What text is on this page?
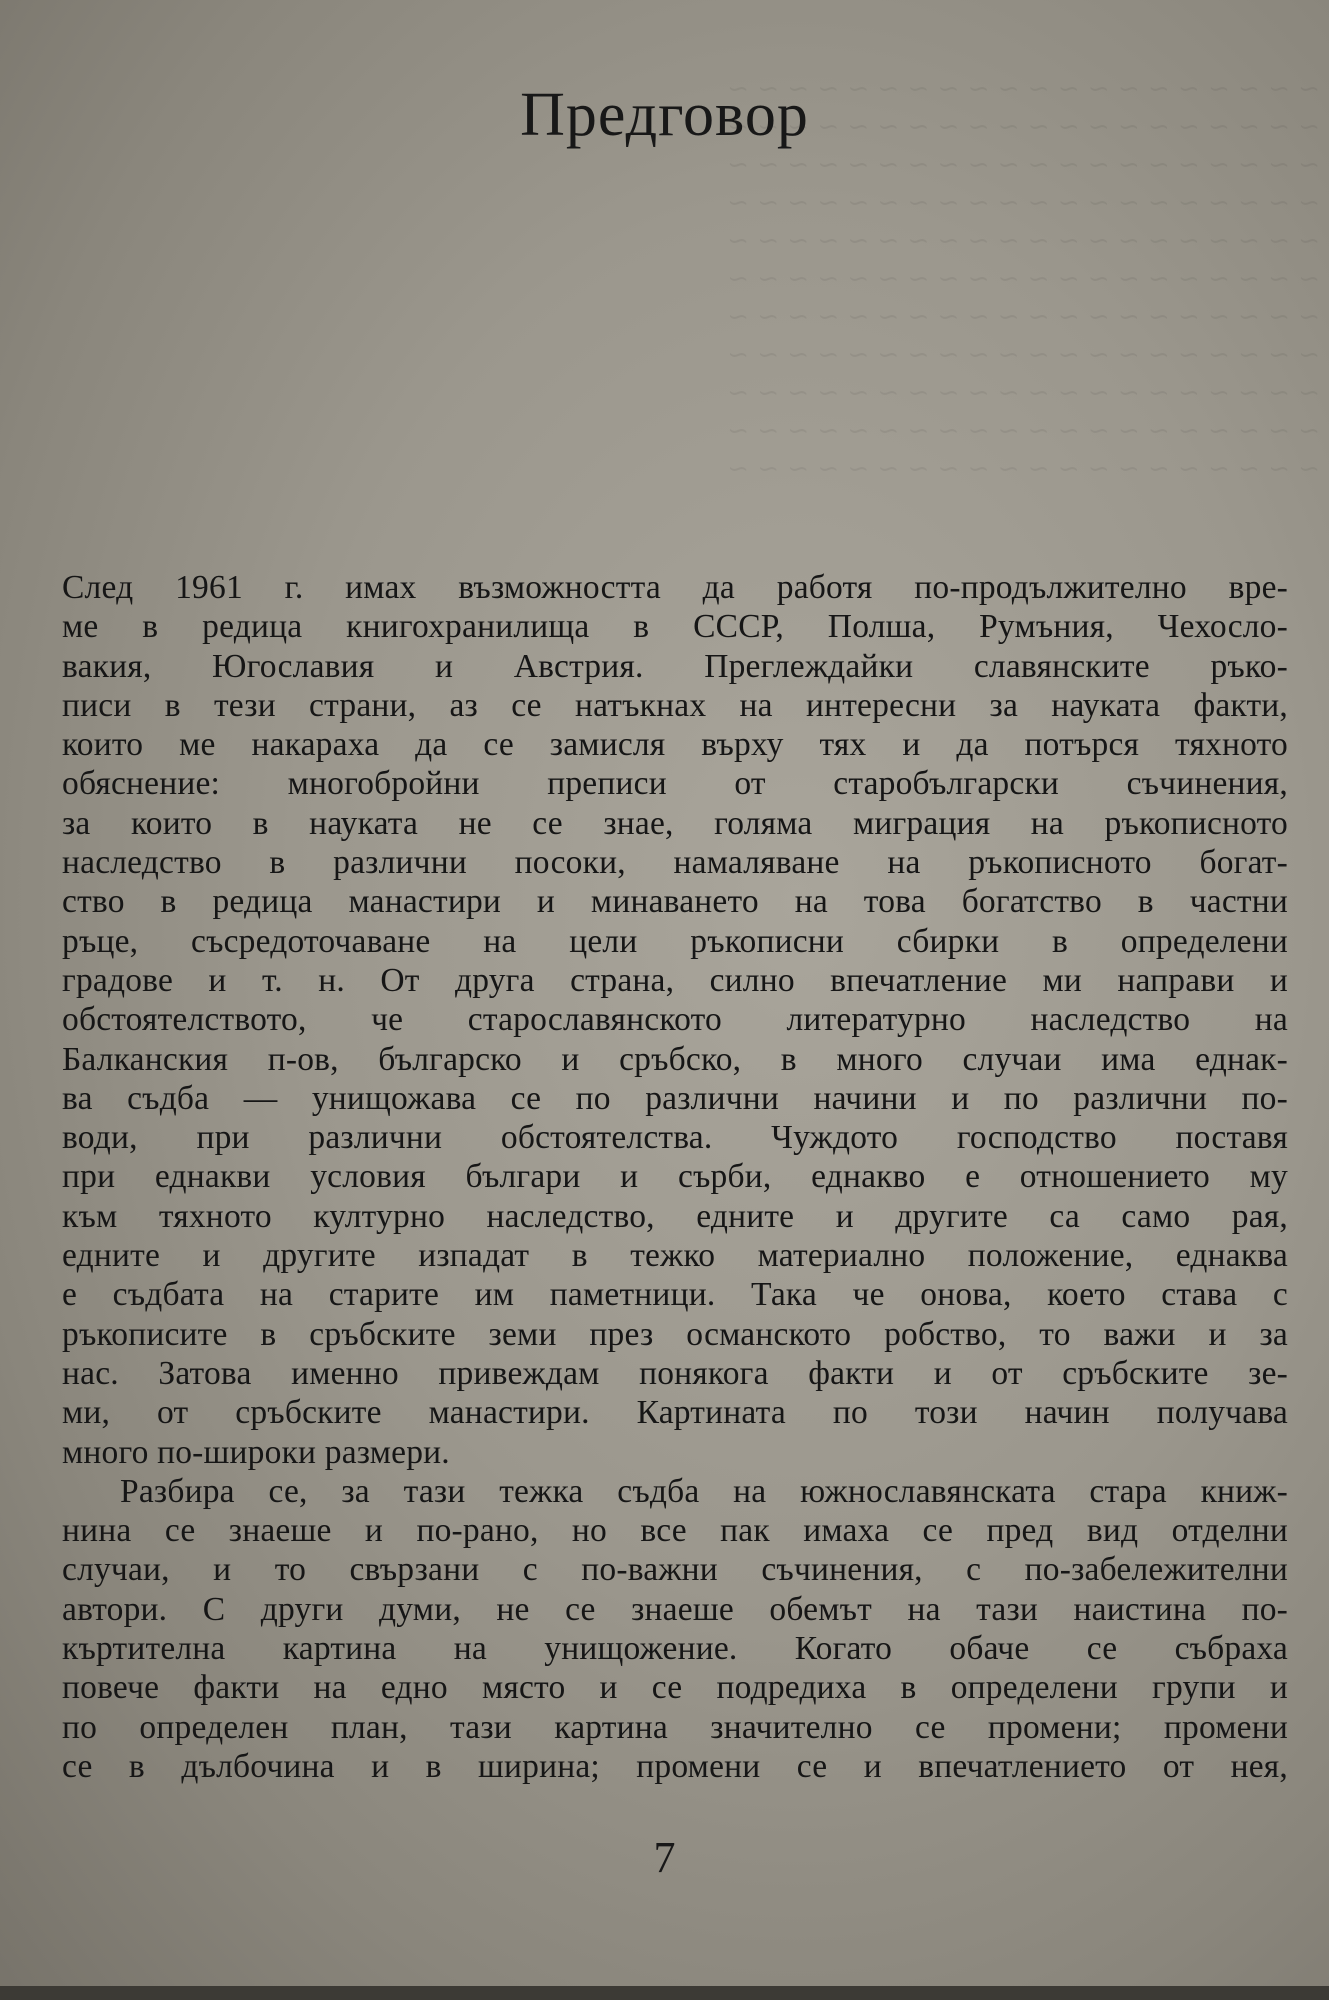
~ ~ ~ ~ ~ ~ ~ ~ ~ ~ ~ ~ ~ ~ ~ ~ ~ ~ ~ ~
~ ~ ~ ~ ~ ~ ~ ~ ~ ~ ~ ~ ~ ~ ~ ~ ~ ~ ~ ~
~ ~ ~ ~ ~ ~ ~ ~ ~ ~ ~ ~ ~ ~ ~ ~ ~ ~ ~ ~
~ ~ ~ ~ ~ ~ ~ ~ ~ ~ ~ ~ ~ ~ ~ ~ ~ ~ ~ ~
~ ~ ~ ~ ~ ~ ~ ~ ~ ~ ~ ~ ~ ~ ~ ~ ~ ~ ~ ~
~ ~ ~ ~ ~ ~ ~ ~ ~ ~ ~ ~ ~ ~ ~ ~ ~ ~ ~ ~
~ ~ ~ ~ ~ ~ ~ ~ ~ ~ ~ ~ ~ ~ ~ ~ ~ ~ ~ ~
~ ~ ~ ~ ~ ~ ~ ~ ~ ~ ~ ~ ~ ~ ~ ~ ~ ~ ~ ~
~ ~ ~ ~ ~ ~ ~ ~ ~ ~ ~ ~ ~ ~ ~ ~ ~ ~ ~ ~
~ ~ ~ ~ ~ ~ ~ ~ ~ ~ ~ ~ ~ ~ ~ ~ ~ ~ ~ ~
~ ~ ~ ~ ~ ~ ~ ~ ~ ~ ~ ~ ~ ~ ~ ~ ~ ~ ~ ~
Предговор
След 1961 г. имах възможността да работя по-продължително вре-
ме в редица книгохранилища в СССР, Полша, Румъния, Чехосло-
вакия, Югославия и Австрия. Преглеждайки славянските ръко-
писи в тези страни, аз се натъкнах на интересни за науката факти,
които ме накараха да се замисля върху тях и да потърся тяхното
обяснение: многобройни преписи от старобългарски съчинения,
за които в науката не се знае, голяма миграция на ръкописното
наследство в различни посоки, намаляване на ръкописното богат-
ство в редица манастири и минаването на това богатство в частни
ръце, съсредоточаване на цели ръкописни сбирки в определени
градове и т. н. От друга страна, силно впечатление ми направи и
обстоятелството, че старославянското литературно наследство на
Балканския п-ов, българско и сръбско, в много случаи има еднак-
ва съдба — унищожава се по различни начини и по различни по-
води, при различни обстоятелства. Чуждото господство поставя
при еднакви условия българи и сърби, еднакво е отношението му
към тяхното културно наследство, едните и другите са само рая,
едните и другите изпадат в тежко материално положение, еднаква
е съдбата на старите им паметници. Така че онова, което става с
ръкописите в сръбските земи през османското робство, то важи и за
нас. Затова именно привеждам понякога факти и от сръбските зе-
ми, от сръбските манастири. Картината по този начин получава
много по-широки размери.
Разбира се, за тази тежка съдба на южнославянската стара книж-
нина се знаеше и по-рано, но все пак имаха се пред вид отделни
случаи, и то свързани с по-важни съчинения, с по-забележителни
автори. С други думи, не се знаеше обемът на тази наистина по-
къртителна картина на унищожение. Когато обаче се събраха
повече факти на едно място и се подредиха в определени групи и
по определен план, тази картина значително се промени; промени
се в дълбочина и в ширина; промени се и впечатлението от нея,
7
